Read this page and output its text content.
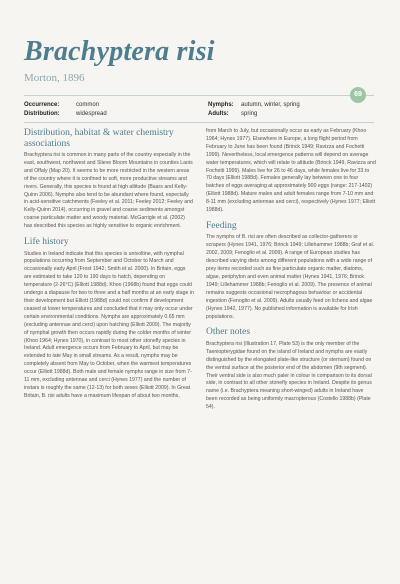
Brachyptera risi
Morton, 1896
69
Occurrence:	common
Distribution:	widespread
Nymphs: autumn, winter, spring
Adults: spring
Distribution, habitat & water chemistry associations

Brachyptera risi is common in many parts of the country especially in the east, southwest, northwest and Slieve Bloom Mountains in counties Laois and Offaly (Map 20). It seems to be more restricted in the western areas of the country where it is confined to soft, more productive streams and rivers. Generally, this species is found at high altitude (Baars and Kelly-Quinn 2006). Nymphs also tend to be abundant where found, especially in acid-sensitive catchments (Feeley et al. 2011; Feeley 2012; Feeley and Kelly-Quinn 2014), occurring in gravel and coarse sediments amongst coarse particulate matter and woody material. McGarrigle et al. (2002) has described this species as highly sensitive to organic enrichment.

Life history

Studies in Ireland indicate that this species is univoltine, with nymphal populations occurring from September and October to March and occasionally early April (Frost 1942; Smith et al. 2000). In Britain, eggs are estimated to take 120 to 190 days to hatch, depending on temperature (2-26°C) (Elliott 1988d). Khoo (1968b) found that eggs could undergo a diapause for two to three and a half months at an early stage in their development but Elliott (1988d) could not confirm if development ceased at lower temperatures and concluded that it may only occur under certain environmental conditions. Nymphs are approximately 0.65 mm (excluding antennae and cerci) upon hatching (Elliott 2009). The majority of nymphal growth then occurs rapidly during the colder months of winter (Khoo 1964; Hynes 1970), in contrast to most other stonefly species in Ireland. Adult emergence occurs from February to April, but may be extended to late May in small streams. As a result, nymphs may be completely absent from May to October, when the warmest temperatures occur (Elliott 1988d). Both male and female nymphs range in size from 7-11 mm, excluding antennae and cerci (Hynes 1977) and the number of instars is roughly the same (12-13) for both sexes (Elliott 2009). In Great Britain, B. risi adults have a maximum lifespan of about two months,

from March to July, but occasionally occur as early as February (Khoo 1964; Hynes 1977). Elsewhere in Europe, a long flight period from February to June has been found (Brinck 1949; Ravizza and Fochetti 1999). Nevertheless, local emergence patterns will depend on average water temperatures, which will relate to altitude (Brinck 1949, Ravizza and Fochetti 1999). Males live for 26 to 46 days, while females live for 33 to 70 days (Elliott 1988d). Females generally lay between one to four batches of eggs averaging at approximately 900 eggs (range: 217-1402) (Elliott 1988d). Mature males and adult females range from 7-10 mm and 8-11 mm (excluding antennae and cerci), respectively (Hynes 1977; Elliott 1988d).

Feeding

The nymphs of B. risi are often described as collector-gatherers or scrapers (Hynes 1941, 1976; Brinck 1949; Lillehammer 1988b; Graf et al. 2002, 2009; Fenoglio et al. 2009). A range of European studies has described varying diets among different populations with a wide range of prey items recorded such as fine particulate organic matter, diatoms, algae, periphyton and even animal matter (Hynes 1941, 1976; Brinck 1949; Lillehammer 1988b; Fenoglio et al. 2009). The presence of animal remains suggests occasional necrophagous behaviour or accidental ingestion (Fenoglio et al. 2009). Adults usually feed on lichens and algae (Hynes 1942, 1977). No published information is available for Irish populations.

Other notes

Brachyptera risi (Illustration 17, Plate 53) is the only member of the Taeniopterygidae found on the island of Ireland and nymphs are easily distinguished by the elongated plate-like structure (or sternum) found on the ventral surface at the posterior end of the abdomen (9th segment). Their ventral side is also much paler in colour in comparison to its dorsal side, in contrast to all other stonefly species in Ireland. Despite its genus name (i.e. Brachyptera meaning short-winged) adults in Ireland have been recorded as being uniformly macropterous (Costello 1988b) (Plate 54).
